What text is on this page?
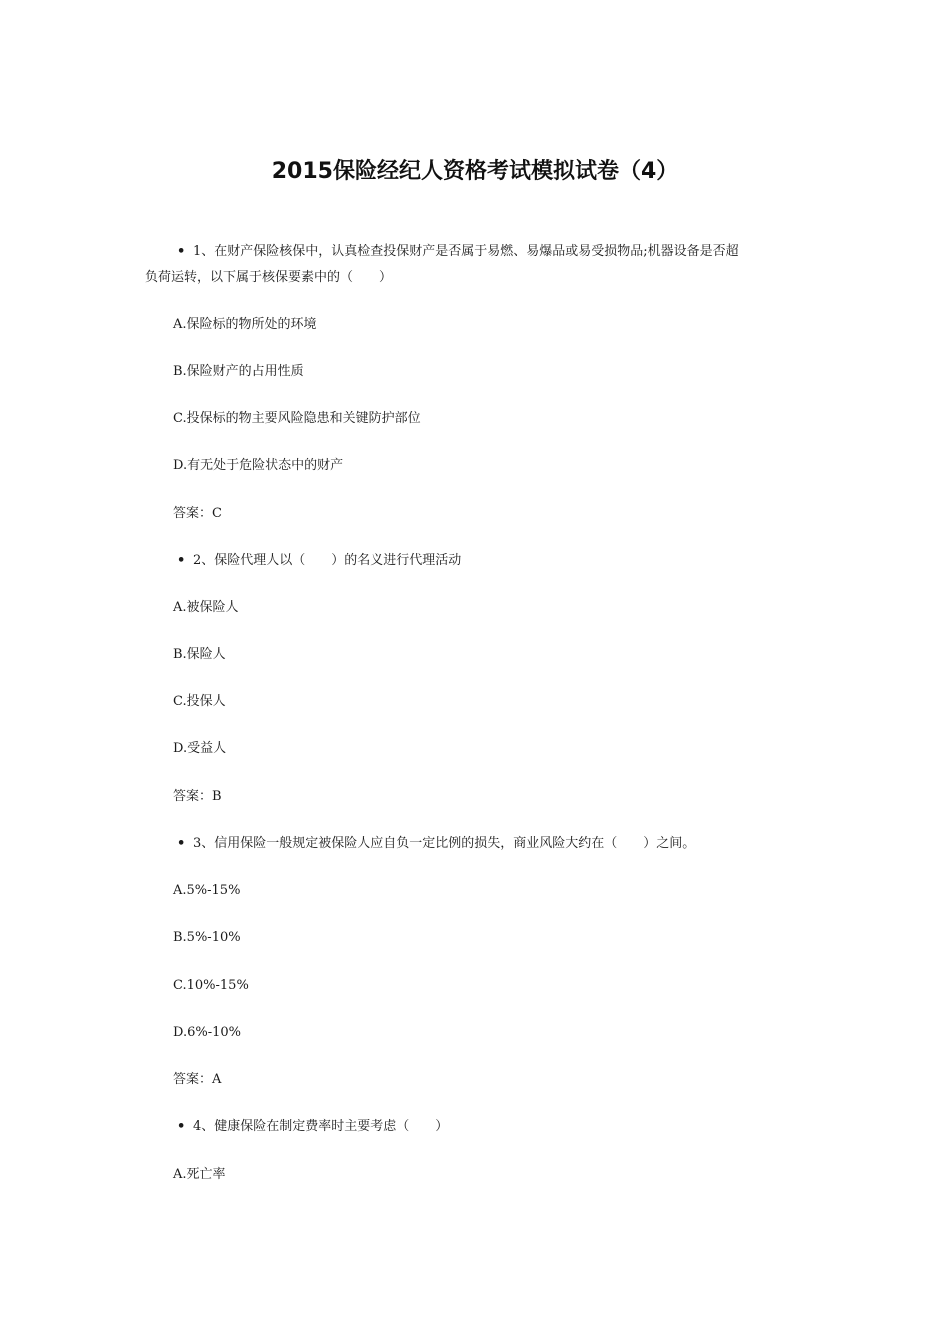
2015保险经纪人资格考试模拟试卷（4）

• 1、在财产保险核保中，认真检查投保财产是否属于易燃、易爆品或易受损物品;机器设备是否超

负荷运转，以下属于核保要素中的（　　）

A.保险标的物所处的环境

B.保险财产的占用性质

C.投保标的物主要风险隐患和关键防护部位

D.有无处于危险状态中的财产

答案：C

• 2、保险代理人以（　　）的名义进行代理活动

A.被保险人

B.保险人

C.投保人

D.受益人

答案：B

• 3、信用保险一般规定被保险人应自负一定比例的损失，商业风险大约在（　　）之间。

A.5%-15%

B.5%-10%

C.10%-15%

D.6%-10%

答案：A

• 4、健康保险在制定费率时主要考虑（　　）

A.死亡率
